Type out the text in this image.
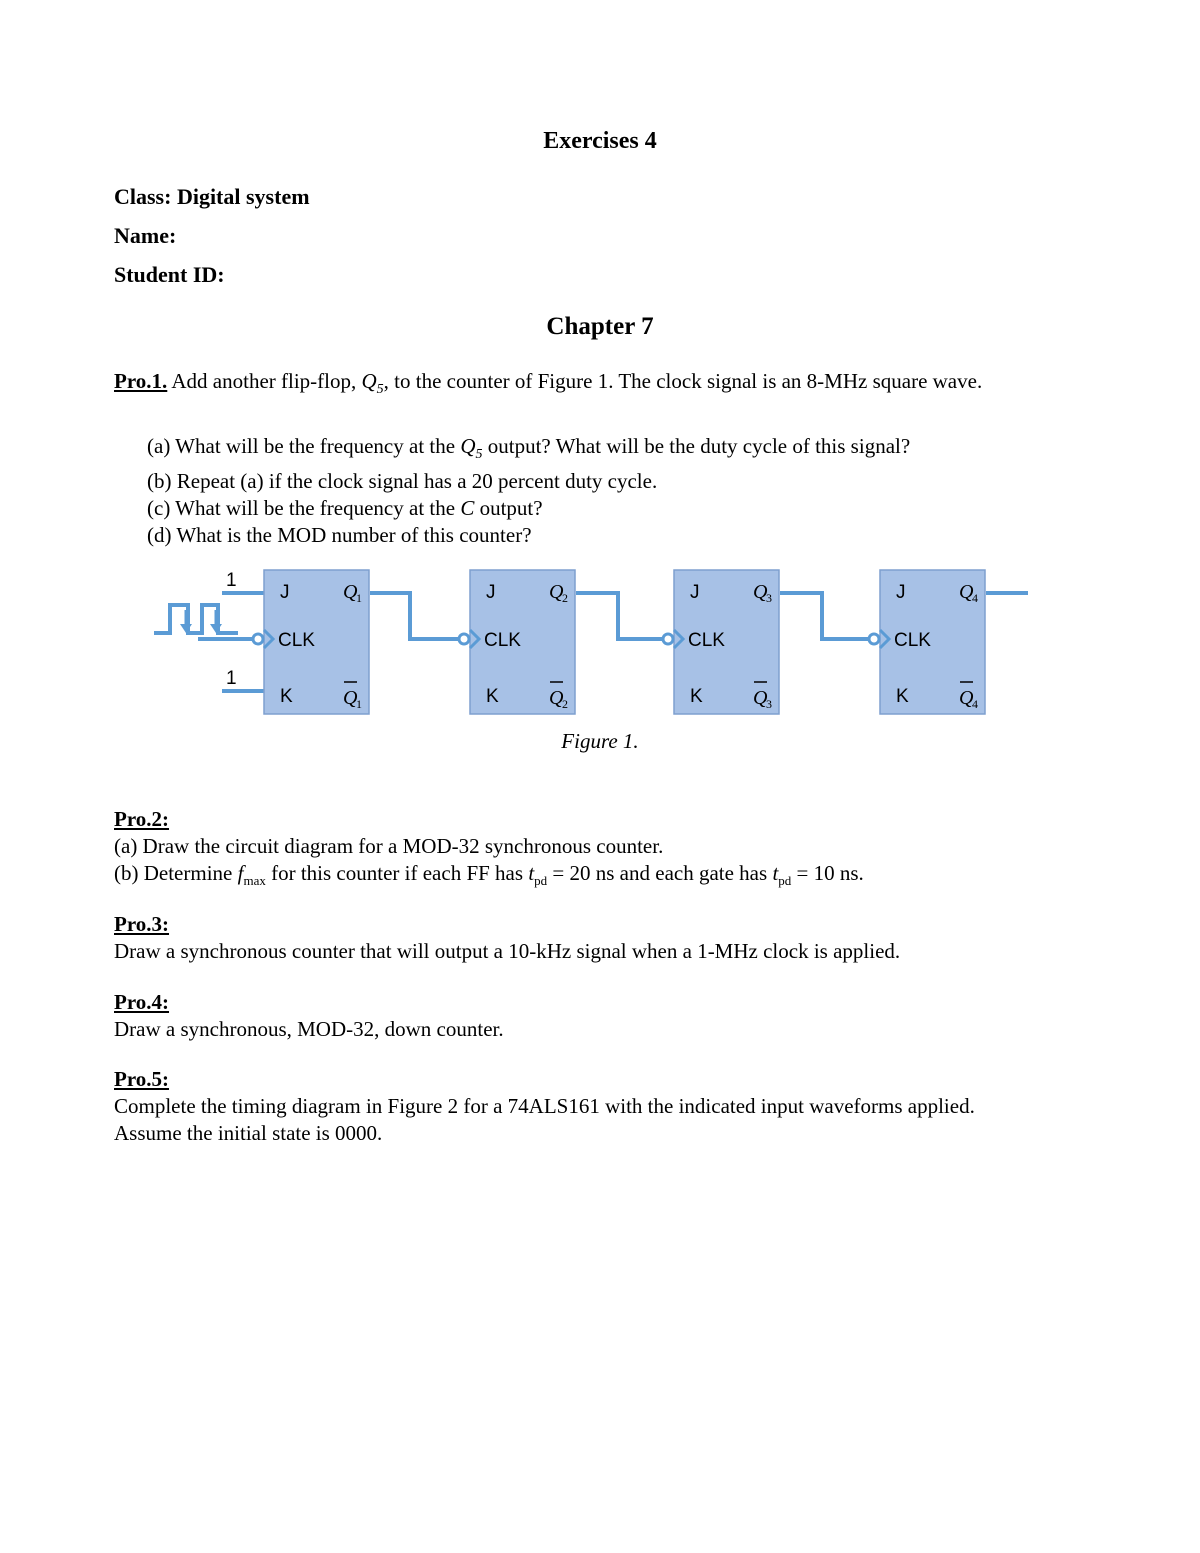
Exercises 4
Class: Digital system
Name:
Student ID:
Chapter 7
Pro.1. Add another flip-flop, $Q_5$, to the counter of Figure 1. The clock signal is an 8-MHz square wave.
(a) What will be the frequency at the $Q_5$ output? What will be the duty cycle of this signal?
(b) Repeat (a) if the clock signal has a 20 percent duty cycle.
(c) What will be the frequency at the C output?
(d) What is the MOD number of this counter?
1
1
J
CLK
K
Q
1
Q
1
J
CLK
K
Q
2
Q
2
J
CLK
K
Q
3
Q
3
J
CLK
K
Q
4
Q
4
Figure 1.
Pro.2:
(a) Draw the circuit diagram for a MOD-32 synchronous counter.
(b) Determine $f_{max}$ for this counter if each FF has $t_{pd} = 20$ ns and each gate has $t_{pd} = 10$ ns.
Pro.3:
Draw a synchronous counter that will output a 10-kHz signal when a 1-MHz clock is applied.
Pro.4:
Draw a synchronous, MOD-32, down counter.
Pro.5:
Complete the timing diagram in Figure 2 for a 74ALS161 with the indicated input waveforms applied.
Assume the initial state is 0000.
